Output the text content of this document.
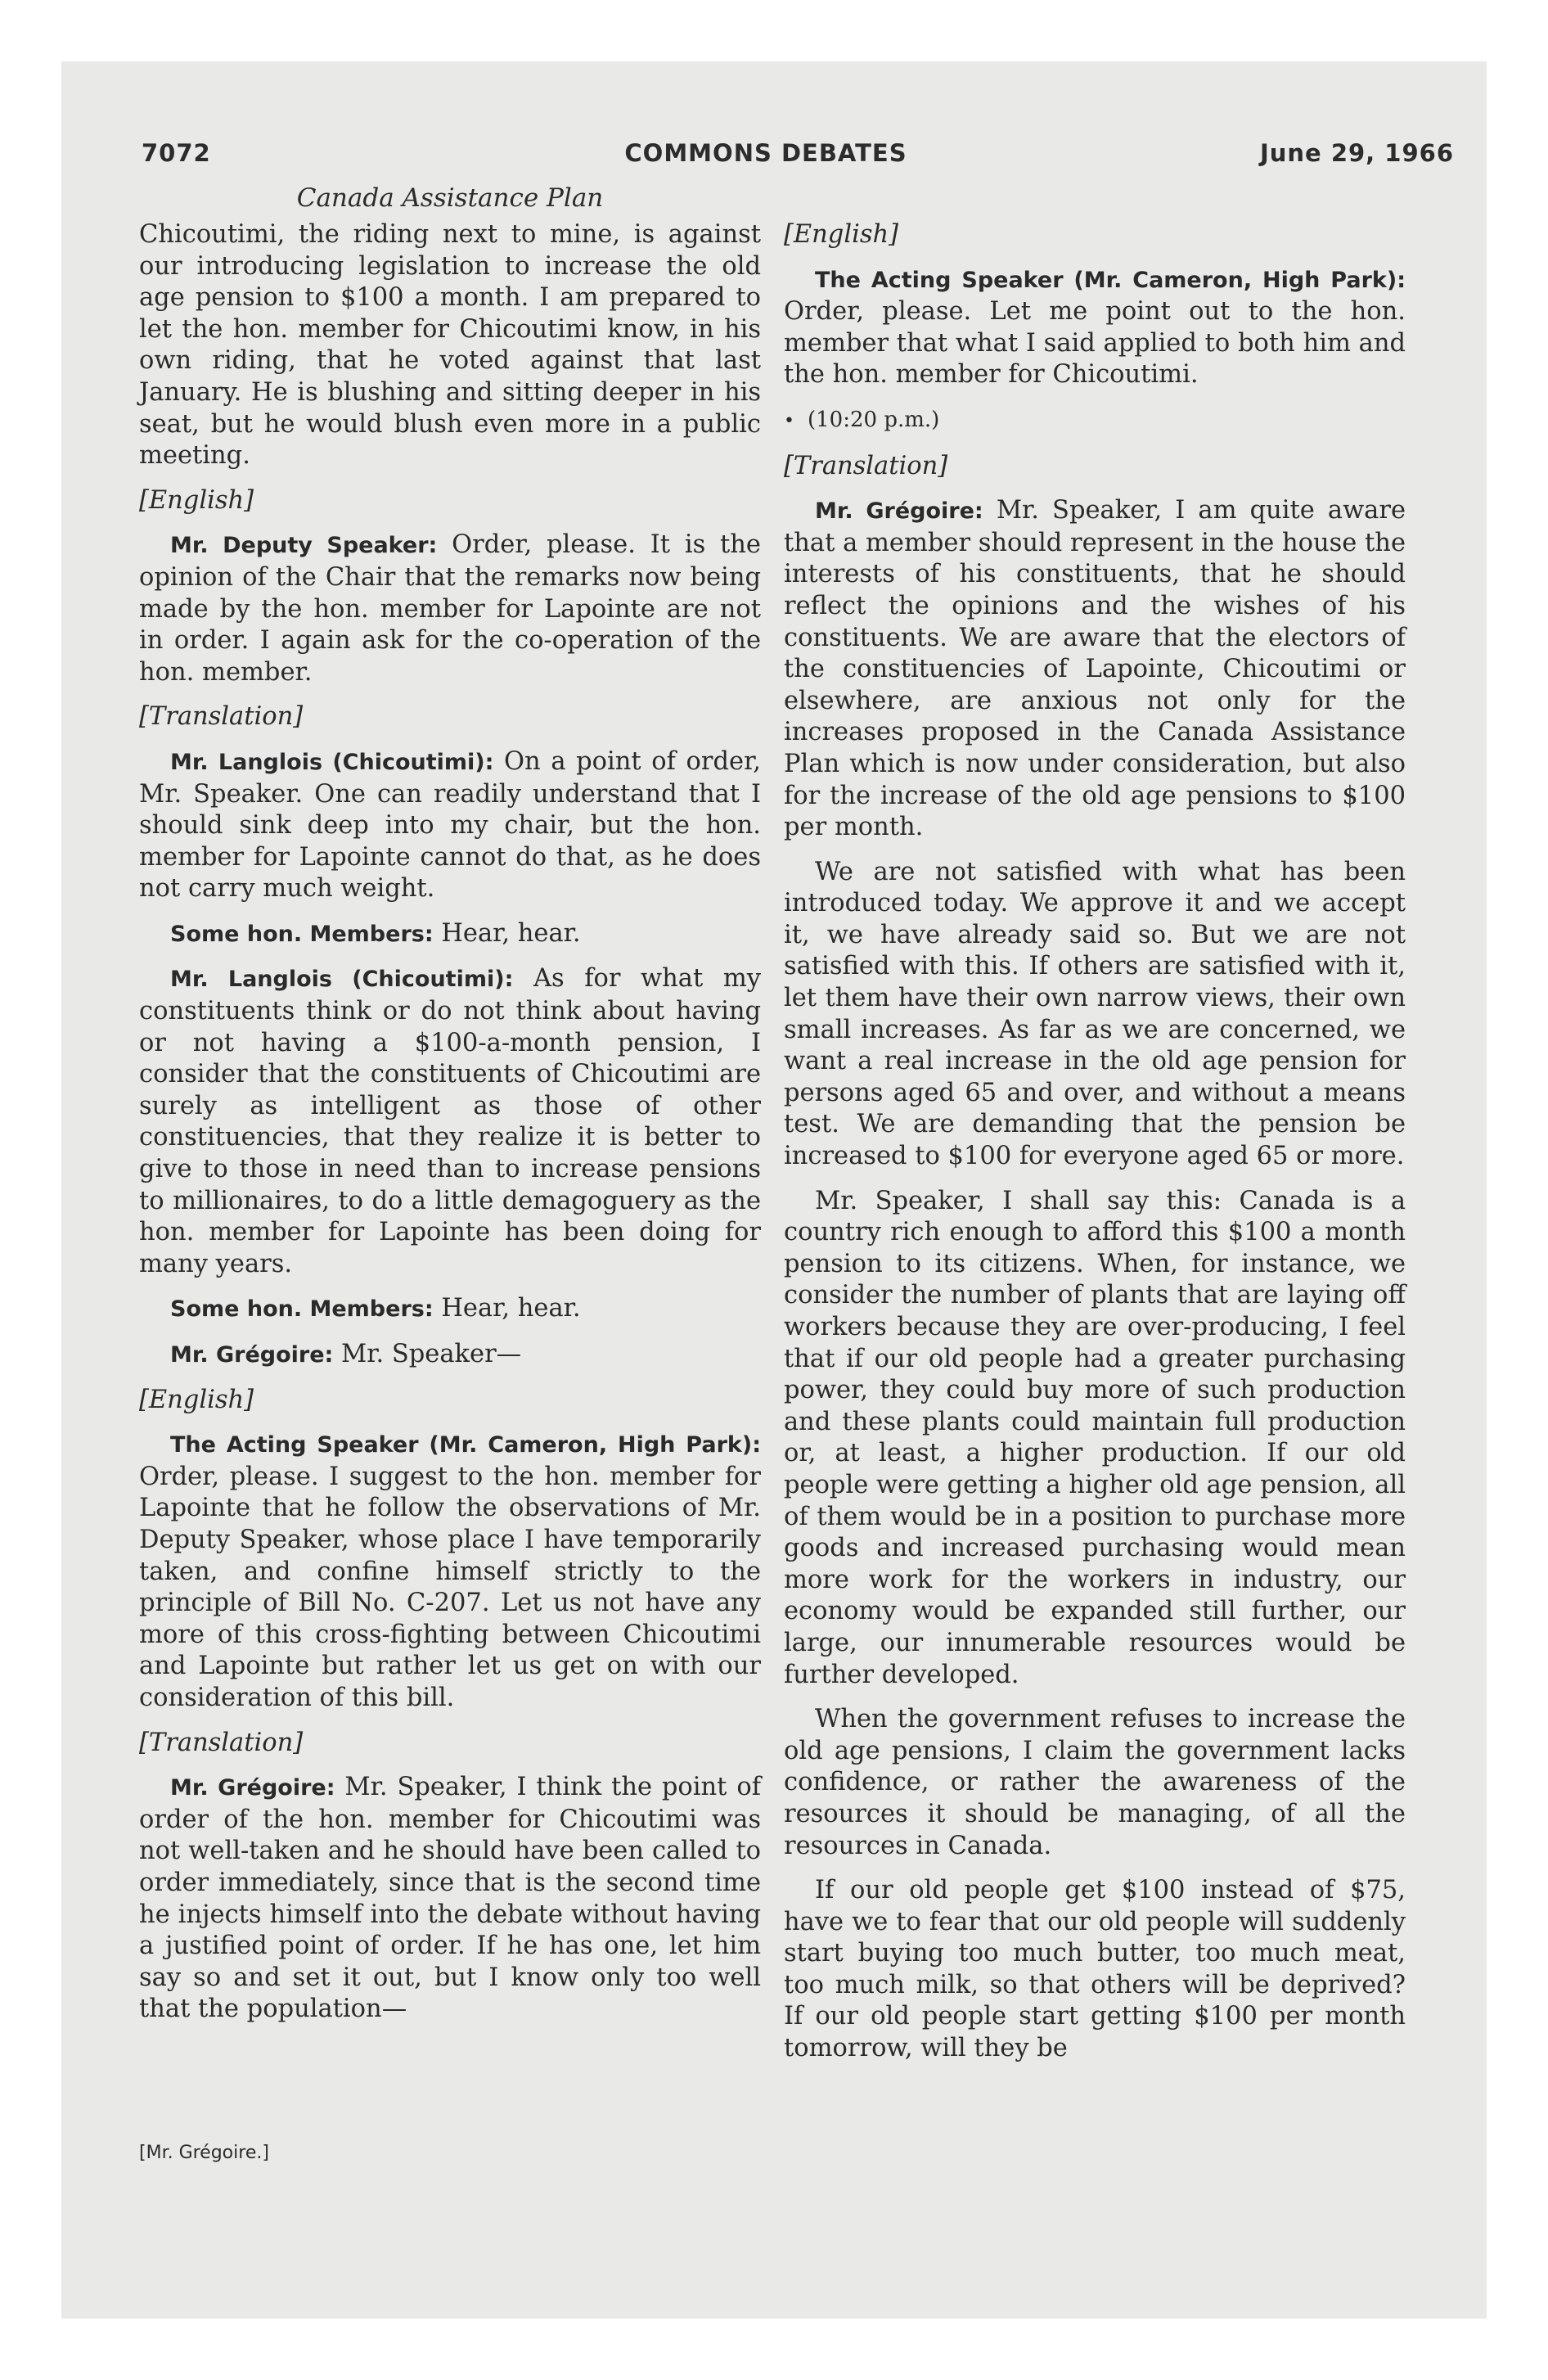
7072	COMMONS DEBATES	June 29, 1966
Canada Assistance Plan

Chicoutimi, the riding next to mine, is against our introducing legislation to increase the old age pension to $100 a month. I am prepared to let the hon. member for Chicoutimi know, in his own riding, that he voted against that last January. He is blushing and sitting deeper in his seat, but he would blush even more in a public meeting.

[English]

Mr. Deputy Speaker: Order, please. It is the opinion of the Chair that the remarks now being made by the hon. member for Lapointe are not in order. I again ask for the co-operation of the hon. member.

[Translation]

Mr. Langlois (Chicoutimi): On a point of order, Mr. Speaker. One can readily understand that I should sink deep into my chair, but the hon. member for Lapointe cannot do that, as he does not carry much weight.

Some hon. Members: Hear, hear.

Mr. Langlois (Chicoutimi): As for what my constituents think or do not think about having or not having a $100-a-month pension, I consider that the constituents of Chicoutimi are surely as intelligent as those of other constituencies, that they realize it is better to give to those in need than to increase pensions to millionaires, to do a little demagoguery as the hon. member for Lapointe has been doing for many years.

Some hon. Members: Hear, hear.

Mr. Grégoire: Mr. Speaker—

[English]

The Acting Speaker (Mr. Cameron, High Park): Order, please. I suggest to the hon. member for Lapointe that he follow the observations of Mr. Deputy Speaker, whose place I have temporarily taken, and confine himself strictly to the principle of Bill No. C-207. Let us not have any more of this cross-fighting between Chicoutimi and Lapointe but rather let us get on with our consideration of this bill.

[Translation]

Mr. Grégoire: Mr. Speaker, I think the point of order of the hon. member for Chicoutimi was not well-taken and he should have been called to order immediately, since that is the second time he injects himself into the debate without having a justified point of order. If he has one, let him say so and set it out, but I know only too well that the population—

[Mr. Grégoire.]

[English]

The Acting Speaker (Mr. Cameron, High Park): Order, please. Let me point out to the hon. member that what I said applied to both him and the hon. member for Chicoutimi.

• (10:20 p.m.)

[Translation]

Mr. Grégoire: Mr. Speaker, I am quite aware that a member should represent in the house the interests of his constituents, that he should reflect the opinions and the wishes of his constituents. We are aware that the electors of the constituencies of Lapointe, Chicoutimi or elsewhere, are anxious not only for the increases proposed in the Canada Assistance Plan which is now under consideration, but also for the increase of the old age pensions to $100 per month.

We are not satisfied with what has been introduced today. We approve it and we accept it, we have already said so. But we are not satisfied with this. If others are satisfied with it, let them have their own narrow views, their own small increases. As far as we are concerned, we want a real increase in the old age pension for persons aged 65 and over, and without a means test. We are demanding that the pension be increased to $100 for everyone aged 65 or more.

Mr. Speaker, I shall say this: Canada is a country rich enough to afford this $100 a month pension to its citizens. When, for instance, we consider the number of plants that are laying off workers because they are over-producing, I feel that if our old people had a greater purchasing power, they could buy more of such production and these plants could maintain full production or, at least, a higher production. If our old people were getting a higher old age pension, all of them would be in a position to purchase more goods and increased purchasing would mean more work for the workers in industry, our economy would be expanded still further, our large, our innumerable resources would be further developed.

When the government refuses to increase the old age pensions, I claim the government lacks confidence, or rather the awareness of the resources it should be managing, of all the resources in Canada.

If our old people get $100 instead of $75, have we to fear that our old people will suddenly start buying too much butter, too much meat, too much milk, so that others will be deprived? If our old people start getting $100 per month tomorrow, will they be
